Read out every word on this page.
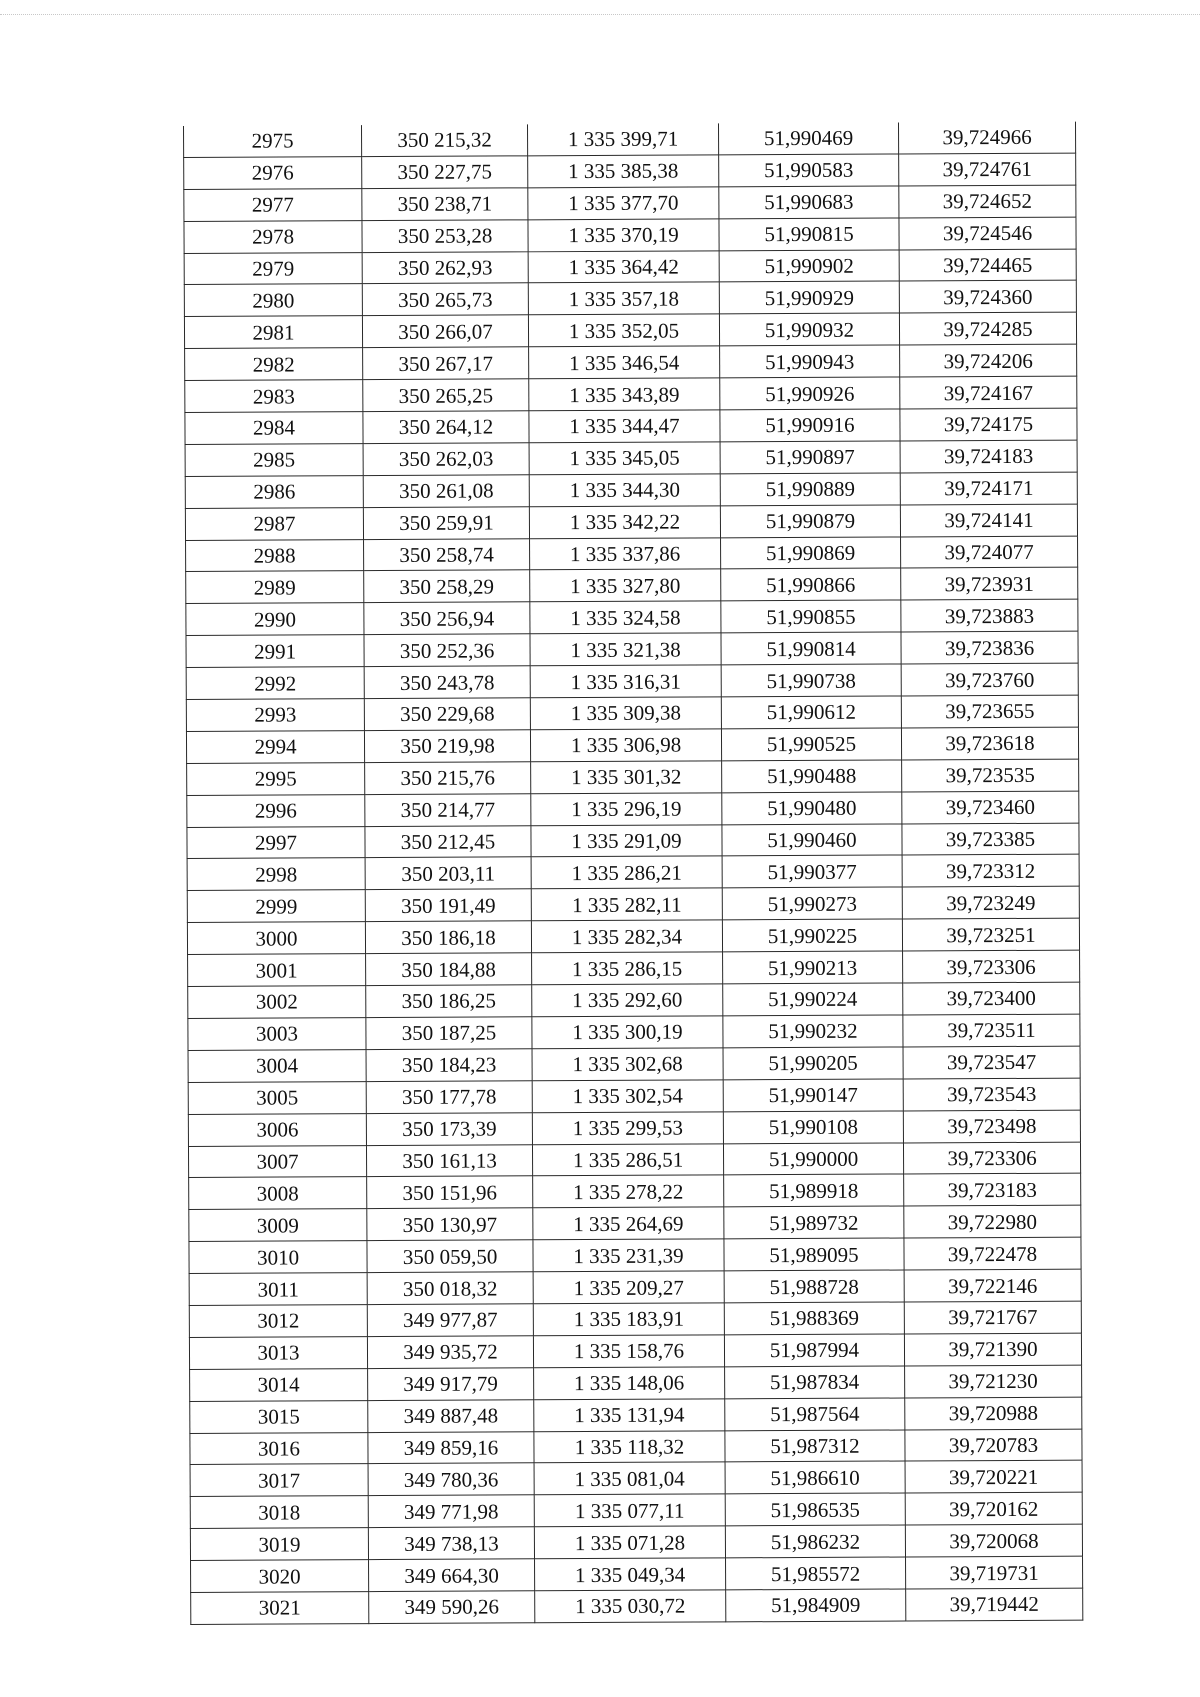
2975	350 215,32	1 335 399,71	51,990469	39,724966
2976	350 227,75	1 335 385,38	51,990583	39,724761
2977	350 238,71	1 335 377,70	51,990683	39,724652
2978	350 253,28	1 335 370,19	51,990815	39,724546
2979	350 262,93	1 335 364,42	51,990902	39,724465
2980	350 265,73	1 335 357,18	51,990929	39,724360
2981	350 266,07	1 335 352,05	51,990932	39,724285
2982	350 267,17	1 335 346,54	51,990943	39,724206
2983	350 265,25	1 335 343,89	51,990926	39,724167
2984	350 264,12	1 335 344,47	51,990916	39,724175
2985	350 262,03	1 335 345,05	51,990897	39,724183
2986	350 261,08	1 335 344,30	51,990889	39,724171
2987	350 259,91	1 335 342,22	51,990879	39,724141
2988	350 258,74	1 335 337,86	51,990869	39,724077
2989	350 258,29	1 335 327,80	51,990866	39,723931
2990	350 256,94	1 335 324,58	51,990855	39,723883
2991	350 252,36	1 335 321,38	51,990814	39,723836
2992	350 243,78	1 335 316,31	51,990738	39,723760
2993	350 229,68	1 335 309,38	51,990612	39,723655
2994	350 219,98	1 335 306,98	51,990525	39,723618
2995	350 215,76	1 335 301,32	51,990488	39,723535
2996	350 214,77	1 335 296,19	51,990480	39,723460
2997	350 212,45	1 335 291,09	51,990460	39,723385
2998	350 203,11	1 335 286,21	51,990377	39,723312
2999	350 191,49	1 335 282,11	51,990273	39,723249
3000	350 186,18	1 335 282,34	51,990225	39,723251
3001	350 184,88	1 335 286,15	51,990213	39,723306
3002	350 186,25	1 335 292,60	51,990224	39,723400
3003	350 187,25	1 335 300,19	51,990232	39,723511
3004	350 184,23	1 335 302,68	51,990205	39,723547
3005	350 177,78	1 335 302,54	51,990147	39,723543
3006	350 173,39	1 335 299,53	51,990108	39,723498
3007	350 161,13	1 335 286,51	51,990000	39,723306
3008	350 151,96	1 335 278,22	51,989918	39,723183
3009	350 130,97	1 335 264,69	51,989732	39,722980
3010	350 059,50	1 335 231,39	51,989095	39,722478
3011	350 018,32	1 335 209,27	51,988728	39,722146
3012	349 977,87	1 335 183,91	51,988369	39,721767
3013	349 935,72	1 335 158,76	51,987994	39,721390
3014	349 917,79	1 335 148,06	51,987834	39,721230
3015	349 887,48	1 335 131,94	51,987564	39,720988
3016	349 859,16	1 335 118,32	51,987312	39,720783
3017	349 780,36	1 335 081,04	51,986610	39,720221
3018	349 771,98	1 335 077,11	51,986535	39,720162
3019	349 738,13	1 335 071,28	51,986232	39,720068
3020	349 664,30	1 335 049,34	51,985572	39,719731
3021	349 590,26	1 335 030,72	51,984909	39,719442
